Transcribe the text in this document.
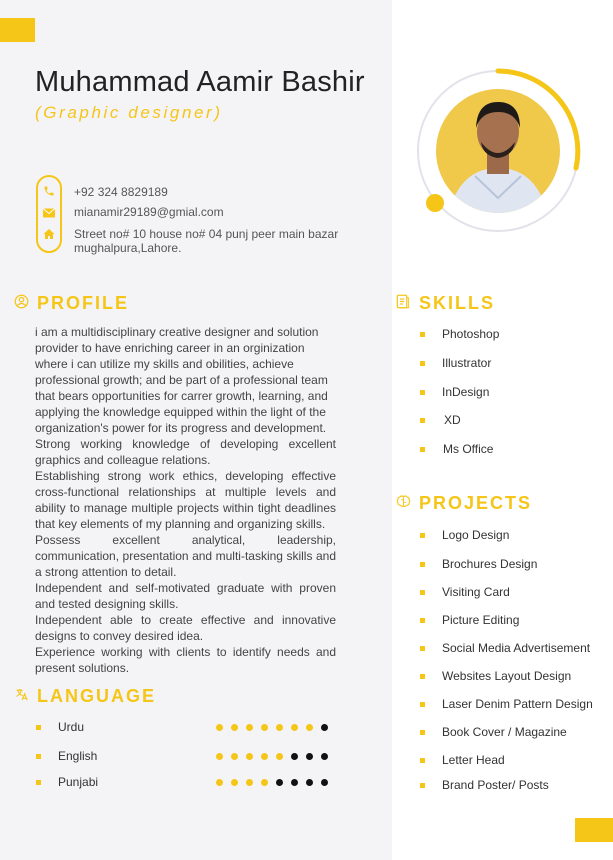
Muhammad Aamir Bashir
(Graphic designer)
+92 324 8829189
mianamir29189@gmial.com
Street no# 10 house no# 04 punj peer main bazar
mughalpura,Lahore.
PROFILE

i am a multidisciplinary creative designer and solution provider to have enriching career in an orginization where i can utilize my skills and obilities, achieve professional growth; and be part of a professional team that bears opportunities for carrer growth, learning, and applying the knowledge equipped within the light of the organization's power for its progress and development.

Strong working knowledge of developing excellent graphics and colleague relations.

Establishing strong work ethics, developing effective cross-functional relationships at multiple levels and ability to manage multiple projects within tight deadlines that key elements of my planning and organizing skills.

Possess excellent analytical, leadership, communication, presentation and multi-tasking skills and a strong attention to detail.

Independent and self-motivated graduate with proven and tested designing skills.

Independent able to create effective and innovative designs to convey desired idea.

Experience working with clients to identify needs and present solutions.

LANGUAGE
Urdu
English
Punjabi
SKILLS
Photoshop
Illustrator
InDesign
XD
Ms Office
PROJECTS
Logo Design
Brochures Design
Visiting Card
Picture Editing
Social Media Advertisement
Websites Layout Design
Laser Denim Pattern Design
Book Cover / Magazine
Letter Head
Brand Poster/ Posts
